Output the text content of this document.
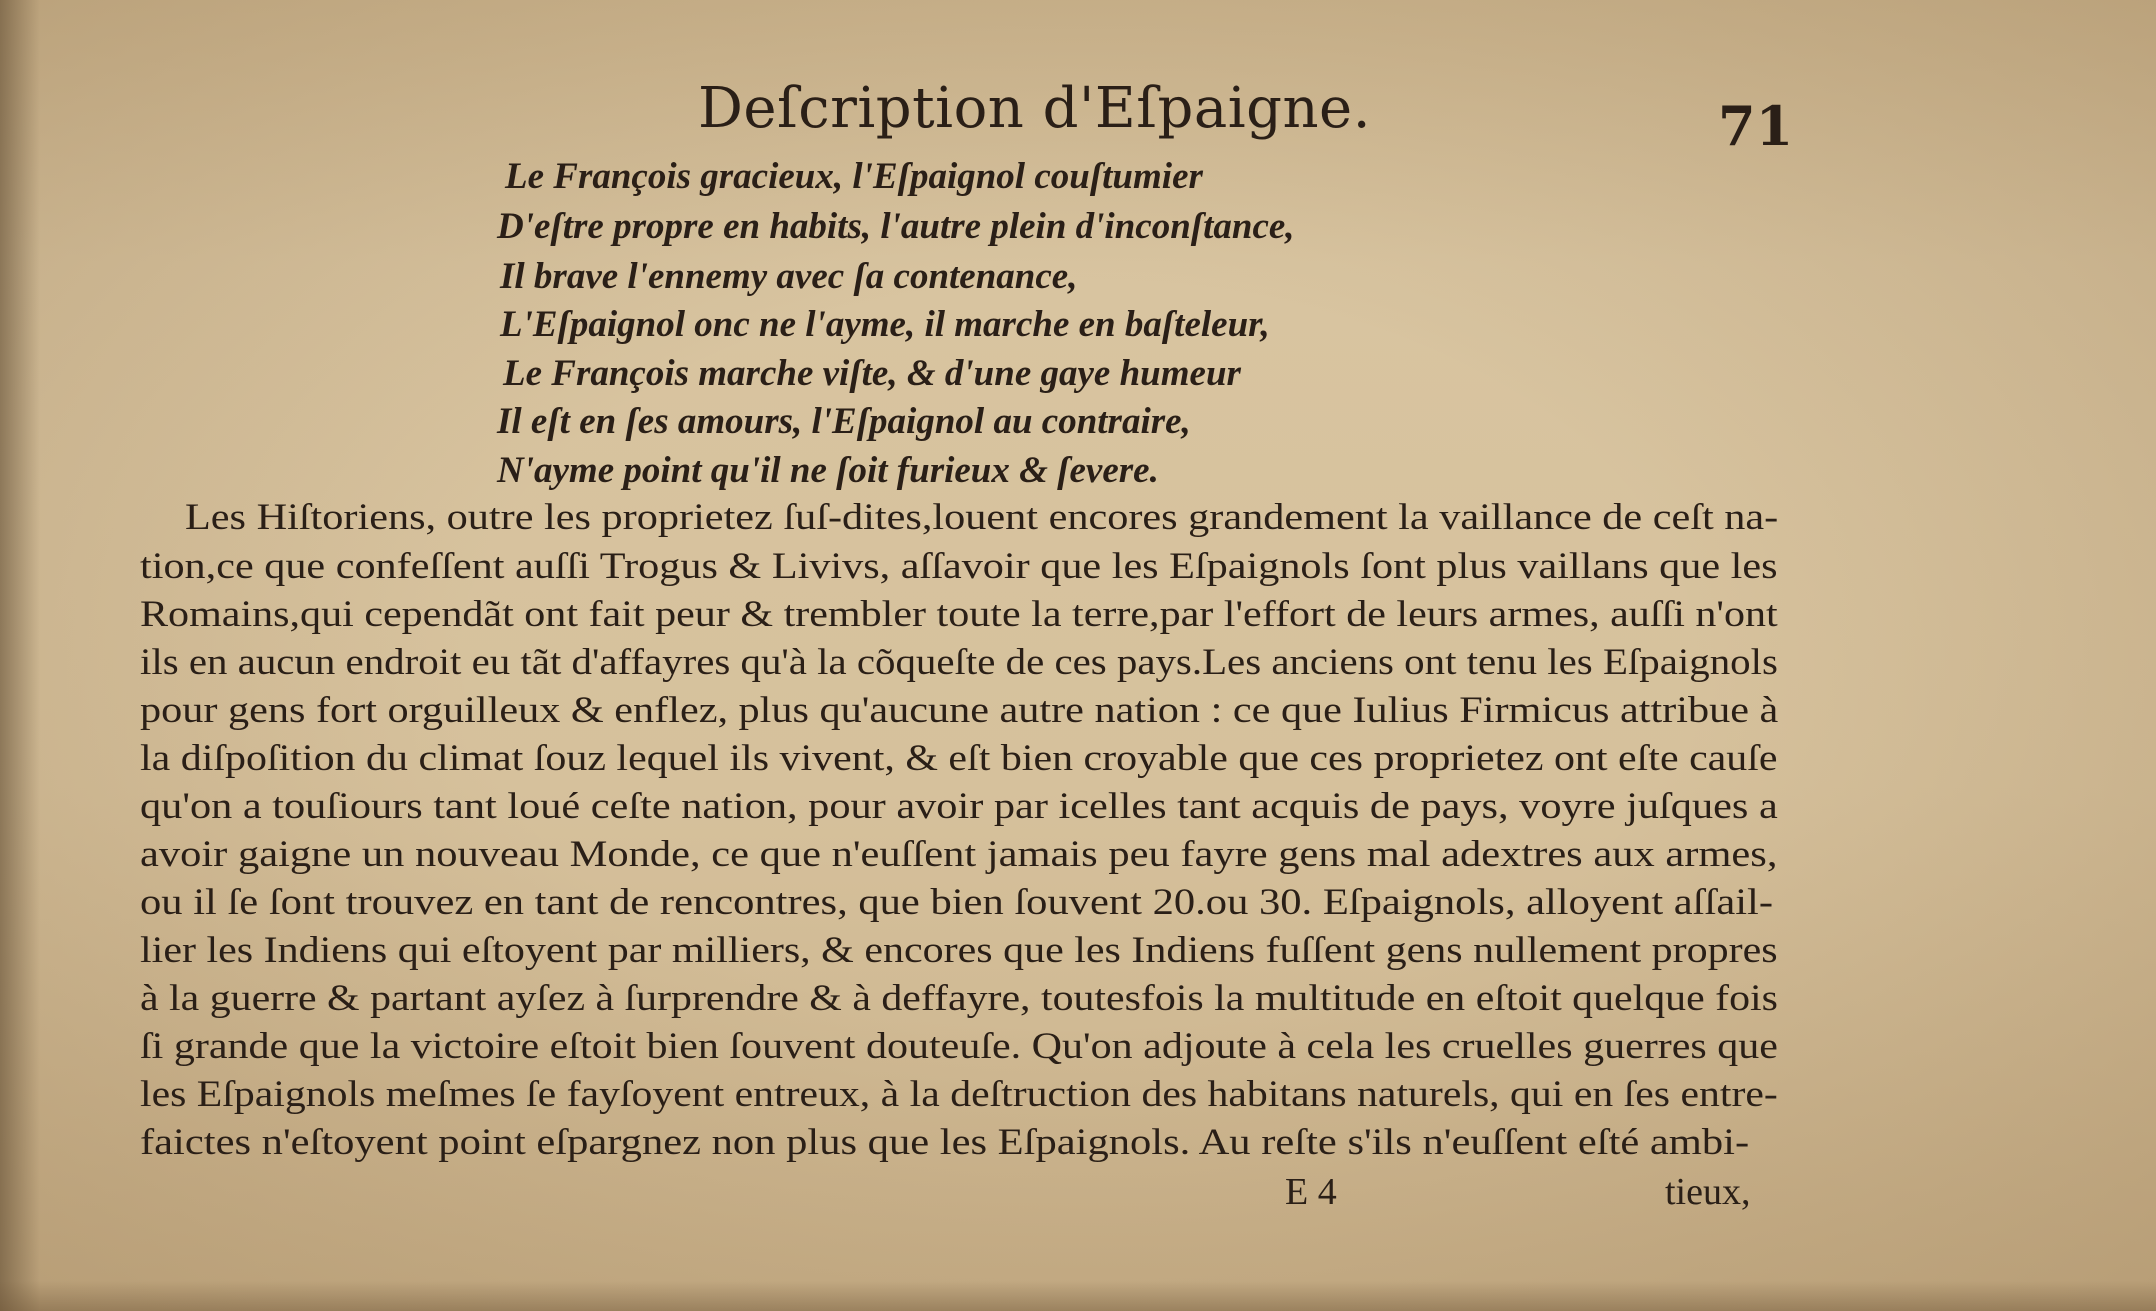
Deſcription d'Eſpaigne.	71
Le François gracieux, l'Eſpaignol couſtumier
D'eſtre propre en habits, l'autre plein d'inconſtance,
Il brave l'ennemy avec ſa contenance,
L'Eſpaignol onc ne l'ayme, il marche en baſteleur,
Le François marche viſte, & d'une gaye humeur
Il eſt en ſes amours, l'Eſpaignol au contraire,
N'ayme point qu'il ne ſoit furieux & ſevere.
Les Hiſtoriens, outre les proprietez ſuſ-dites,louent encores grandement la vaillance de ceſt na-
tion,ce que confeſſent auſſi Trogus & Livivs, aſſavoir que les Eſpaignols ſont plus vaillans que les
Romains,qui cependãt ont fait peur & trembler toute la terre,par l'effort de leurs armes, auſſi n'ont
ils en aucun endroit eu tãt d'affayres qu'à la cõqueſte de ces pays.Les anciens ont tenu les Eſpaignols
pour gens fort orguilleux & enflez, plus qu'aucune autre nation : ce que Iulius Firmicus attribue à
la diſpoſition du climat ſouz lequel ils vivent, & eſt bien croyable que ces proprietez ont eſte cauſe
qu'on a touſiours tant loué ceſte nation, pour avoir par icelles tant acquis de pays, voyre juſques a
avoir gaigne un nouveau Monde, ce que n'euſſent jamais peu fayre gens mal adextres aux armes,
ou il ſe ſont trouvez en tant de rencontres, que bien ſouvent 20.ou 30. Eſpaignols, alloyent aſſail-
lier les Indiens qui eſtoyent par milliers, & encores que les Indiens fuſſent gens nullement propres
à la guerre & partant ayſez à ſurprendre & à deffayre, toutesfois la multitude en eſtoit quelque fois
ſi grande que la victoire eſtoit bien ſouvent douteuſe. Qu'on adjoute à cela les cruelles guerres que
les Eſpaignols meſmes ſe fayſoyent entreux, à la deſtruction des habitans naturels, qui en ſes entre-
faictes n'eſtoyent point eſpargnez non plus que les Eſpaignols. Au reſte s'ils n'euſſent eſté ambi-
E 4	tieux,
